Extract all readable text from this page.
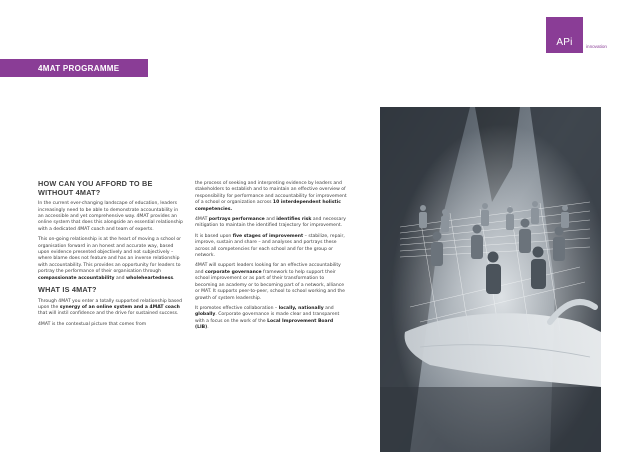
APi	innovation
4MAT PROGRAMME
HOW CAN YOU AFFORD TO BE WITHOUT 4MAT?

In the current ever-changing landscape of education, leaders increasingly need to be able to demonstrate accountability in an accessible and yet comprehensive way. 4MAT provides an online system that does this alongside an essential relationship with a dedicated 4MAT coach and team of experts.

This on-going relationship is at the heart of moving a school or organisation forward in an honest and accurate way, based upon evidence presented objectively and not subjectively – where blame does not feature and has an inverse relationship with accountability. This provides an opportunity for leaders to portray the performance of their organisation through compassionate accountability and wholeheartedness.

WHAT IS 4MAT?

Through 4MAT you enter a totally supported relationship based upon the synergy of an online system and a 4MAT coach that will instil confidence and the drive for sustained success.

4MAT is the contextual picture that comes from

the process of seeking and interpreting evidence by leaders and stakeholders to establish and to maintain an effective overview of responsibility for performance and accountability for improvement of a school or organization across 10 interdependent holistic competencies.

4MAT portrays performance and identifies risk and necessary mitigation to maintain the identified trajectory for improvement.

It is based upon five stages of improvement – stabilize, repair, improve, sustain and share – and analyses and portrays these across all competencies for each school and for the group or network.

4MAT will support leaders looking for an effective accountability and corporate governance framework to help support their school improvement or as part of their transformation to becoming an academy or to becoming part of a network, alliance or MAT. It supports peer-to-peer, school to school working and the growth of system leadership.

It promotes effective collaboration – locally, nationally and globally. Corporate governance is made clear and transparent with a focus on the work of the Local Improvement Board (LIB).
